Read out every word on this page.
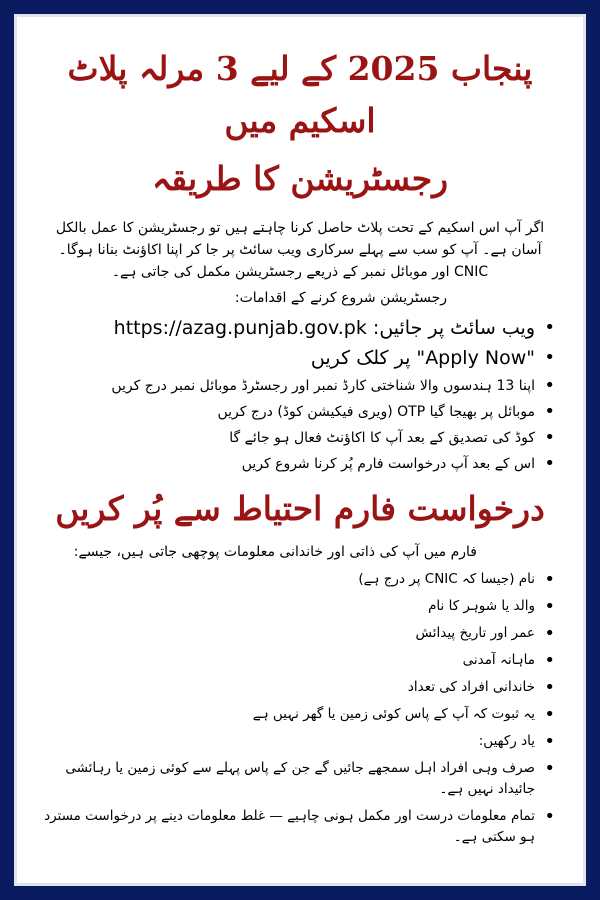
پنجاب 2025 کے لیے 3 مرلہ پلاٹ اسکیم میں
رجسٹریشن کا طریقہ

اگر آپ اس اسکیم کے تحت پلاٹ حاصل کرنا چاہتے ہیں تو رجسٹریشن کا عمل بالکل آسان ہے۔ آپ کو سب سے پہلے سرکاری ویب سائٹ پر جا کر اپنا اکاؤنٹ بنانا ہوگا۔ CNIC اور موبائل نمبر کے ذریعے رجسٹریشن مکمل کی جاتی ہے۔

رجسٹریشن شروع کرنے کے اقدامات:

• ویب سائٹ پر جائیں: https://azag.punjab.gov.pk
• "Apply Now" پر کلک کریں
• اپنا 13 ہندسوں والا شناختی کارڈ نمبر اور رجسٹرڈ موبائل نمبر درج کریں
• موبائل پر بھیجا گیا OTP (ویری فیکیشن کوڈ) درج کریں
• کوڈ کی تصدیق کے بعد آپ کا اکاؤنٹ فعال ہو جائے گا
• اس کے بعد آپ درخواست فارم پُر کرنا شروع کریں
درخواست فارم احتیاط سے پُر کریں

فارم میں آپ کی ذاتی اور خاندانی معلومات پوچھی جاتی ہیں، جیسے:

• نام (جیسا کہ CNIC پر درج ہے)
• والد یا شوہر کا نام
• عمر اور تاریخ پیدائش
• ماہانہ آمدنی
• خاندانی افراد کی تعداد
• یہ ثبوت کہ آپ کے پاس کوئی زمین یا گھر نہیں ہے
• یاد رکھیں:
• صرف وہی افراد اہل سمجھے جائیں گے جن کے پاس پہلے سے کوئی زمین یا رہائشی جائیداد نہیں ہے۔
• تمام معلومات درست اور مکمل ہونی چاہیے — غلط معلومات دینے پر درخواست مسترد ہو سکتی ہے۔
